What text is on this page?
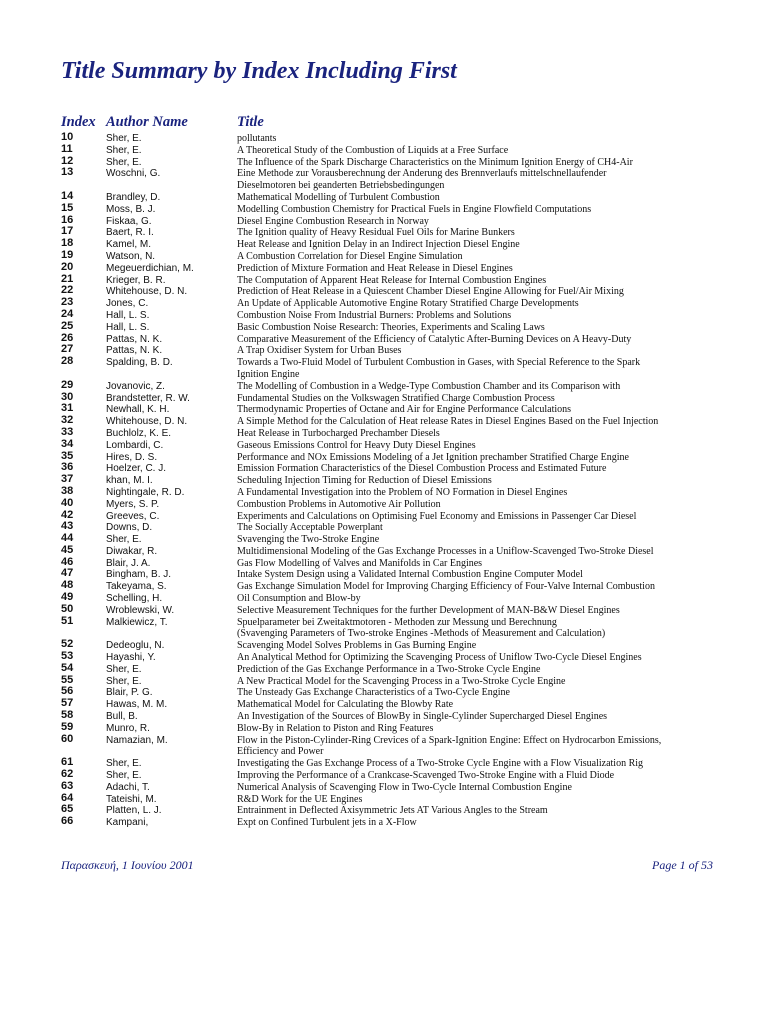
Title Summary by Index Including First
Index Author Name	Title
10	Sher, E.	pollutants
11	Sher, E.	A Theoretical Study of the Combustion of Liquids at a Free Surface
12	Sher, E.	The Influence of the Spark Discharge Characteristics on the Minimum Ignition Energy of CH4-Air
13	Woschni, G.	Eine Methode zur Vorausberechnung der Anderung des Brennverlaufs mittelschnellaufender
Dieselmotoren bei geanderten Betriebsbedingungen
14	Brandley, D.	Mathematical Modelling of Turbulent Combustion
15	Moss, B. J.	Modelling Combustion Chemistry for Practical Fuels in Engine Flowfield Computations
16	Fiskaa, G.	Diesel Engine Combustion Research in Norway
17	Baert, R. I.	The Ignition quality of Heavy Residual Fuel Oils for Marine Bunkers
18	Kamel, M.	Heat Release and Ignition Delay in an Indirect Injection Diesel Engine
19	Watson, N.	A Combustion Correlation for Diesel Engine Simulation
20	Megeuerdichian, M.	Prediction of Mixture Formation and Heat Release in Diesel Engines
21	Krieger, B. R.	The Computation of Apparent Heat Release for Internal Combustion Engines
22	Whitehouse, D. N.	Prediction of Heat Release in a Quiescent Chamber Diesel Engine Allowing for Fuel/Air Mixing
23	Jones, C.	An Update of Applicable Automotive Engine Rotary Stratified Charge Developments
24	Hall, L. S.	Combustion Noise From Industrial Burners: Problems and Solutions
25	Hall, L. S.	Basic Combustion Noise Research: Theories, Experiments and Scaling Laws
26	Pattas, N. K.	Comparative Measurement of the Efficiency of Catalytic After-Burning Devices on A Heavy-Duty
27	Pattas, N. K.	A Trap Oxidiser System for Urban Buses
28	Spalding, B. D.	Towards a Two-Fluid Model of Turbulent Combustion in Gases, with Special Reference to the Spark
Ignition Engine
29	Jovanovic, Z.	The Modelling of Combustion in a Wedge-Type Combustion Chamber and its Comparison with
30	Brandstetter, R. W.	Fundamental Studies on the Volkswagen Stratified Charge Combustion Process
31	Newhall, K. H.	Thermodynamic Properties of Octane and Air for Engine Performance Calculations
32	Whitehouse, D. N.	A Simple Method for the Calculation of Heat release Rates in Diesel Engines Based on the Fuel Injection
33	Buchlolz, K. E.	Heat Release in Turbocharged Prechamber Diesels
34	Lombardi, C.	Gaseous Emissions Control for Heavy Duty Diesel Engines
35	Hires, D. S.	Performance and NOx Emissions Modeling of a Jet Ignition prechamber Stratified Charge Engine
36	Hoelzer, C. J.	Emission Formation Characteristics of the Diesel Combustion Process and Estimated Future
37	khan, M. I.	Scheduling Injection Timing for Reduction of Diesel Emissions
38	Nightingale, R. D.	A Fundamental Investigation into the Problem of NO Formation in Diesel Engines
40	Myers, S. P.	Combustion Problems in Automotive Air Pollution
42	Greeves, C.	Experiments and Calculations on Optimising Fuel Economy and Emissions in Passenger Car Diesel
43	Downs, D.	The Socially Acceptable Powerplant
44	Sher, E.	Svavenging the Two-Stroke Engine
45	Diwakar, R.	Multidimensional Modeling of the Gas Exchange Processes in a Uniflow-Scavenged Two-Stroke Diesel
46	Blair, J. A.	Gas Flow Modelling of Valves and Manifolds in Car Engines
47	Bingham, B. J.	Intake System Design using a Validated Internal Combustion Engine Computer Model
48	Takeyama, S.	Gas Exchange Simulation Model for Improving Charging Efficiency of Four-Valve Internal Combustion
49	Schelling, H.	Oil Consumption and Blow-by
50	Wroblewski, W.	Selective Measurement Techniques for the further Development of MAN-B&W Diesel Engines
51	Malkiewicz, T.	Spuelparameter bei Zweitaktmotoren - Methoden zur Messung und Berechnung
(Svavenging Parameters of Two-stroke Engines -Methods of Measurement and Calculation)
52	Dedeoglu, N.	Scavenging Model Solves Problems in Gas Burning Engine
53	Hayashi, Y.	An Analytical Method for Optimizing the Scavenging Process of Uniflow Two-Cycle Diesel Engines
54	Sher, E.	Prediction of the Gas Exchange Performance in a Two-Stroke Cycle Engine
55	Sher, E.	A New Practical Model for the Scavenging Process in a Two-Stroke Cycle Engine
56	Blair, P. G.	The Unsteady Gas Exchange Characteristics of a Two-Cycle Engine
57	Hawas, M. M.	Mathematical Model for Calculating the Blowby Rate
58	Bull, B.	An Investigation of the Sources of BlowBy in Single-Cylinder Supercharged Diesel Engines
59	Munro, R.	Blow-By in Relation to Piston and Ring Features
60	Namazian, M.	Flow in the Piston-Cylinder-Ring Crevices of a Spark-Ignition Engine: Effect on Hydrocarbon Emissions,
Efficiency and Power
61	Sher, E.	Investigating the Gas Exchange Process of a Two-Stroke Cycle Engine with a Flow Visualization Rig
62	Sher, E.	Improving the Performance of a Crankcase-Scavenged Two-Stroke Engine with a Fluid Diode
63	Adachi, T.	Numerical Analysis of Scavenging Flow in Two-Cycle Internal Combustion Engine
64	Tateishi, M.	R&D Work for the UE Engines
65	Platten, L. J.	Entrainment in Deflected Axisymmetric Jets AT Various Angles to the Stream
66	Kampani,	Expt on Confined Turbulent jets in a X-Flow
Παρασκευή, 1 Ιουνίου 2001	Page 1 of 53
